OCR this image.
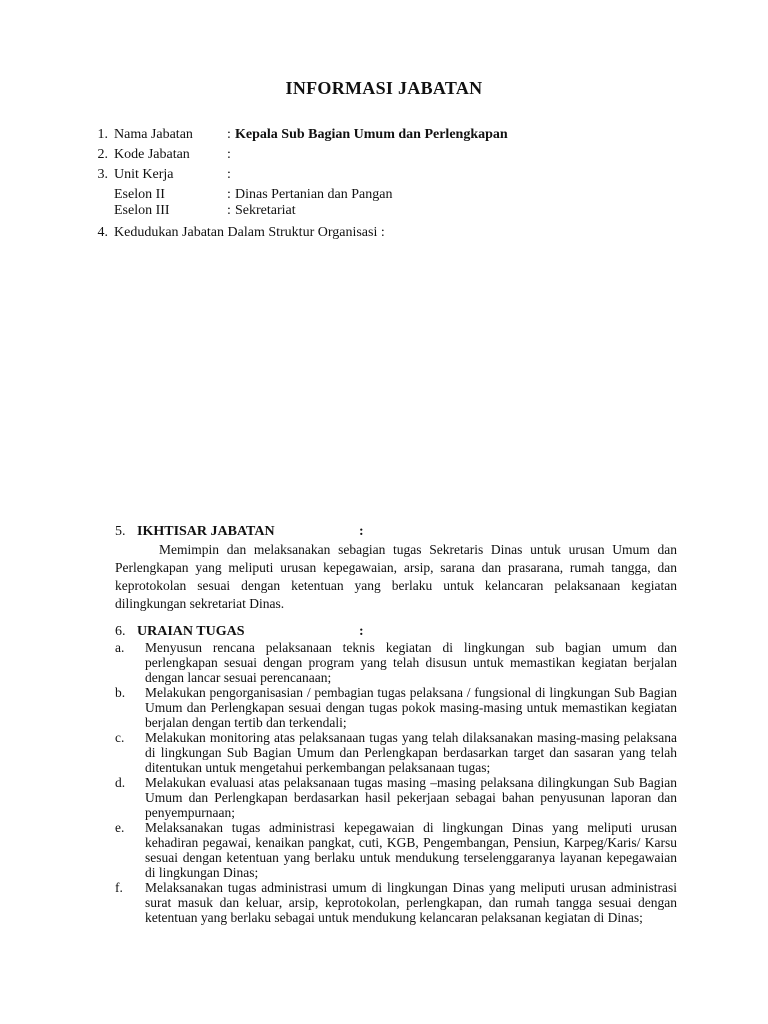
INFORMASI JABATAN
1. Nama Jabatan : Kepala Sub Bagian Umum dan Perlengkapan
2. Kode Jabatan	:
3. Unit Kerja	:
Eselon II	: Dinas Pertanian dan Pangan
Eselon III	: Sekretariat
4. Kedudukan Jabatan Dalam Struktur Organisasi :
5. IKHTISAR JABATAN	:
Memimpin dan melaksanakan sebagian tugas Sekretaris Dinas untuk urusan Umum dan Perlengkapan yang meliputi urusan kepegawaian, arsip, sarana dan prasarana, rumah tangga, dan keprotokolan sesuai dengan ketentuan yang berlaku untuk kelancaran pelaksanaan kegiatan dilingkungan sekretariat Dinas.
6. URAIAN TUGAS	:
a. Menyusun rencana pelaksanaan teknis kegiatan di lingkungan sub bagian umum dan perlengkapan sesuai dengan program yang telah disusun untuk memastikan kegiatan berjalan dengan lancar sesuai perencanaan;
b. Melakukan pengorganisasian / pembagian tugas pelaksana / fungsional di lingkungan Sub Bagian Umum dan Perlengkapan sesuai dengan tugas pokok masing-masing untuk memastikan kegiatan berjalan dengan tertib dan terkendali;
c. Melakukan monitoring atas pelaksanaan tugas yang telah dilaksanakan masing-masing pelaksana di lingkungan Sub Bagian Umum dan Perlengkapan berdasarkan target dan sasaran yang telah ditentukan untuk mengetahui perkembangan pelaksanaan tugas;
d. Melakukan evaluasi atas pelaksanaan tugas masing –masing pelaksana dilingkungan Sub Bagian Umum dan Perlengkapan berdasarkan hasil pekerjaan sebagai bahan penyusunan laporan dan penyempurnaan;
e. Melaksanakan tugas administrasi kepegawaian di lingkungan Dinas yang meliputi urusan kehadiran pegawai, kenaikan pangkat, cuti, KGB, Pengembangan, Pensiun, Karpeg/Karis/ Karsu sesuai dengan ketentuan yang berlaku untuk mendukung terselenggaranya layanan kepegawaian di lingkungan Dinas;
f. Melaksanakan tugas administrasi umum di lingkungan Dinas yang meliputi urusan administrasi surat masuk dan keluar, arsip, keprotokolan, perlengkapan, dan rumah tangga sesuai dengan ketentuan yang berlaku sebagai untuk mendukung kelancaran pelaksanan kegiatan di Dinas;
